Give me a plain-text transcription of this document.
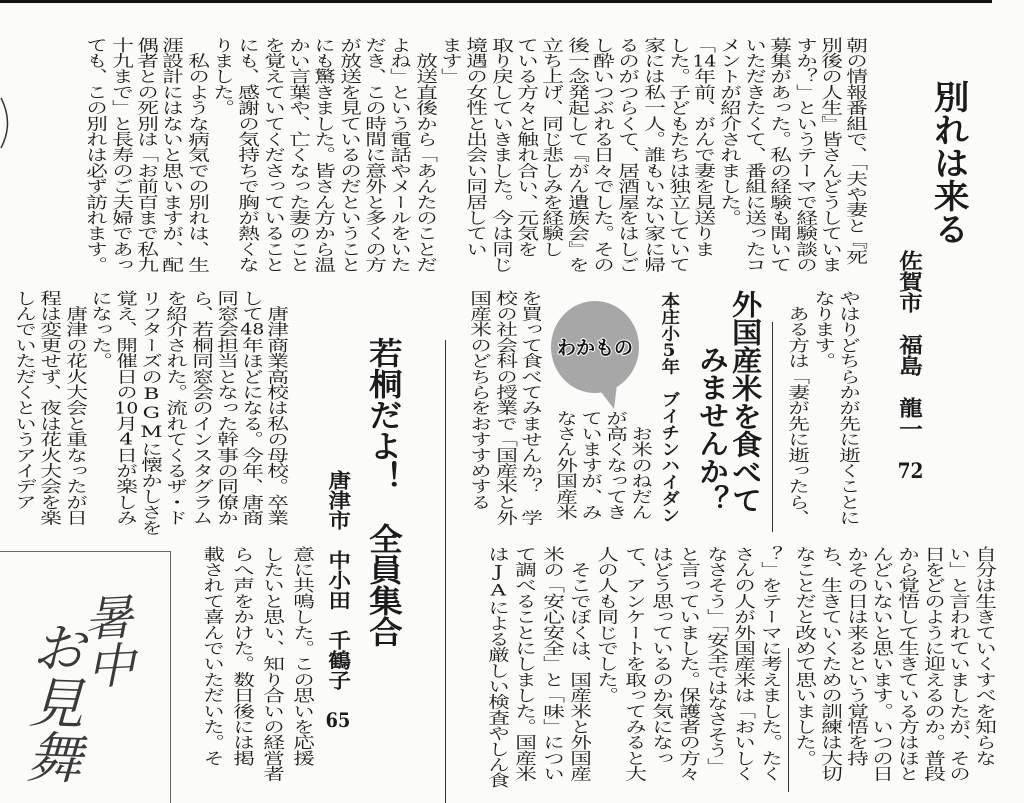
別れは来る
佐賀市　福島　龍一　72
朝の情報番組で、「夫や妻と『死
別後の人生』皆さんどうしていま
すか？」というテーマで経験談の
募集があった。私の経験も聞いて
いただきたくて、番組に送ったコ
メントが紹介されました。
「14年前、がんで妻を見送りま
した。子どもたちは独立していて
家には私一人。誰もいない家に帰
るのがつらくて、居酒屋をはしご
し酔いつぶれる日々でした。その
後一念発起して『がん遺族会』を
立ち上げ、同じ悲しみを経験し
ている方々と触れ合い、元気を
取り戻していきました。今は同じ
境遇の女性と出会い同居してい
ます」
　放送直後から「あんたのことだ
よね」という電話やメールをいた
だき、この時間に意外と多くの方
が放送を見ているのだということ
にも驚きました。皆さん方から温
かい言葉や、亡くなった妻のこと
を覚えていてくださっていること
にも、感謝の気持ちで胸が熱くな
りました。
　私のような病気での別れは、生
涯設計にはないと思いますが、配
偶者との死別は「お前百まで私九
十九まで」と長寿のご夫婦であっ
ても、この別れは必ず訪れます。
やはりどちらかが先に逝くことに
なります。
　ある方は「妻が先に逝ったら、
自分は生きていくすべを知らな
い」と言われていましたが、その
日をどのように迎えるのか。普段
から覚悟して生きている方はほと
んどいないと思います。いつの日
かその日は来るという覚悟を持
ち、生きていくための訓練は大切
なことだと改めて思いました。
外国産米を食べて
みませんか？
本庄小5年　ブイチンハイダン
わかもの
　お米のねだん
が高くなってき
ていますが、み
なさん外国産米
を買って食べてみませんか？　学
校の社会科の授業で「国産米と外
国産米のどちらをおすすめする
？」をテーマに考えました。たく
さんの人が外国産米は「おいしく
なさそう」「安全ではなさそう」
と言っていました。保護者の方々
はどう思っているのか気になっ
て、アンケートを取ってみると大
人の人も同じでした。
　そこでぼくは、国産米と外国産
米の「安心安全」と「味」につい
て調べることにしました。国産米
はJAによる厳しい検査やしん食
若桐だよ！　全員集合
唐津市　中小田　千鶴子　65
　唐津商業高校は私の母校。卒業
して48年ほどになる。今年、唐商
同窓会担当となった幹事の同僚か
ら、若桐同窓会のインスタグラム
を紹介された。流れてくるザ・ド
リフターズのBGMに懐かしさを
覚え、開催日の10月4日が楽しみ
になった。
　唐津の花火大会と重なったが日
程は変更せず、夜は花火大会を楽
しんでいただくというアイデア
意に共鳴した。この思いを応援
したいと思い、知り合いの経営者
らへ声をかけた。数日後には掲
載されて喜んでいただいた。そ
暑中
お見舞
